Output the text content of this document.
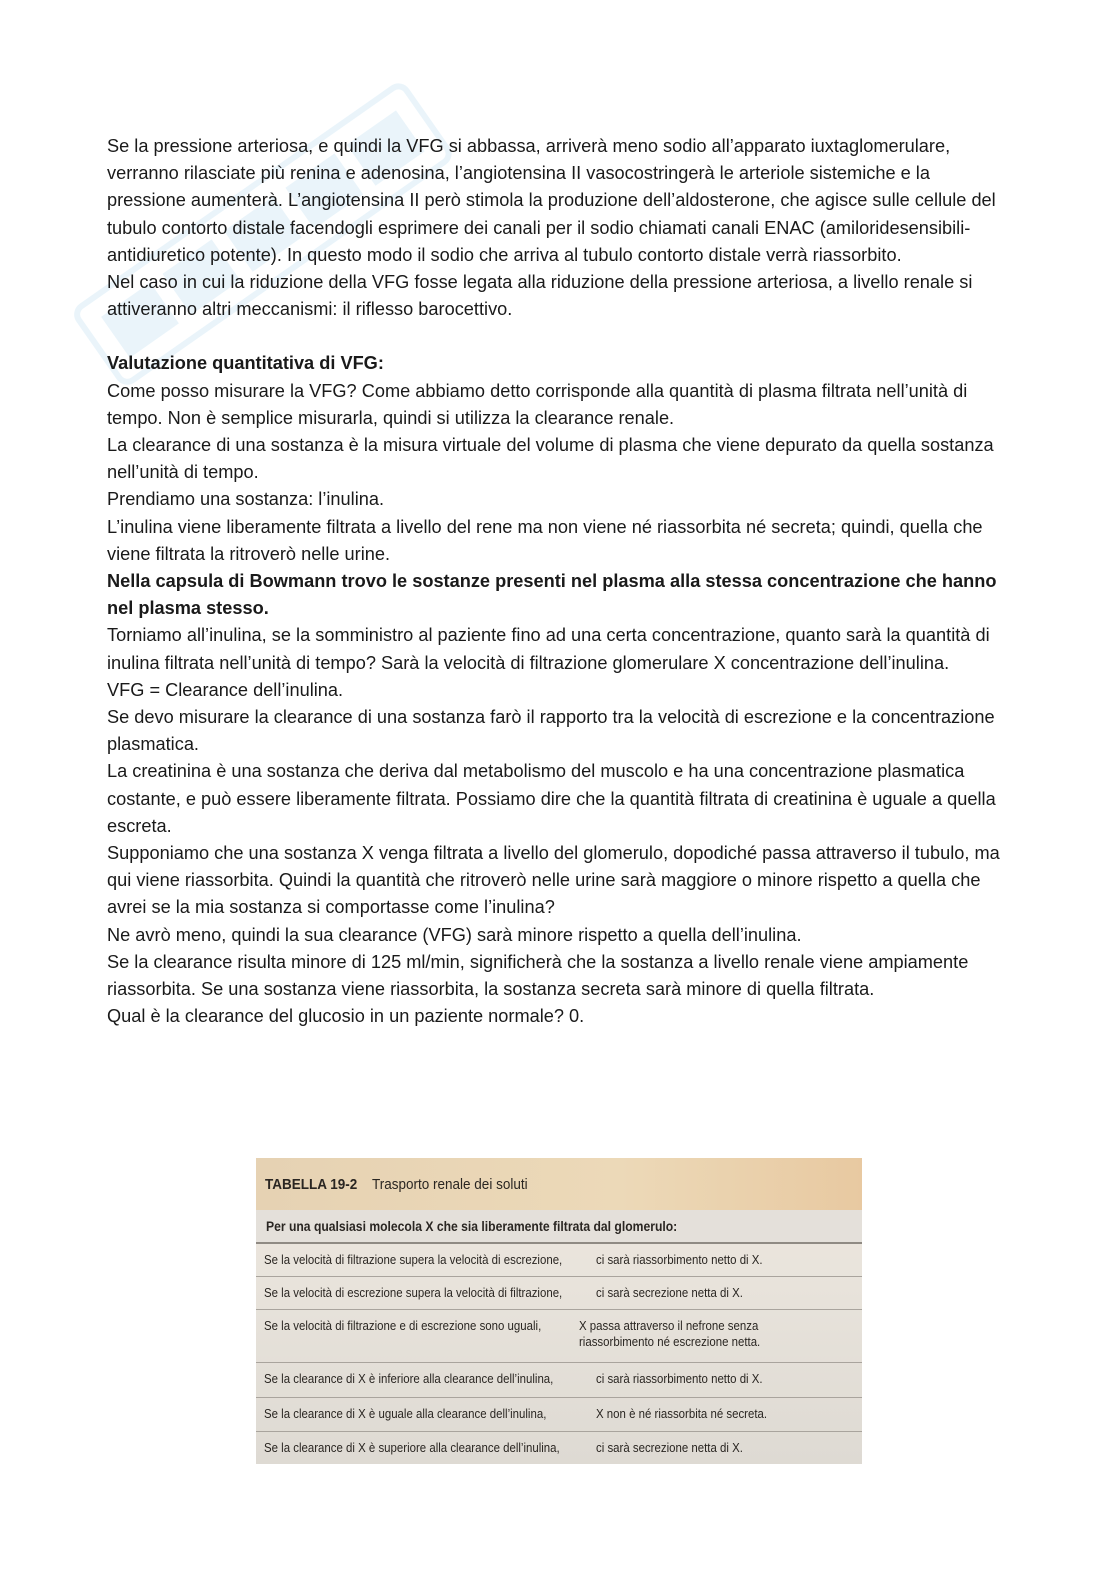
Se la pressione arteriosa, e quindi la VFG si abbassa, arriverà meno sodio all’apparato iuxtaglomerulare, verranno rilasciate più renina e adenosina, l’angiotensina II vasocostringerà le arteriole sistemiche e la pressione aumenterà. L’angiotensina II però stimola la produzione dell’aldosterone, che agisce sulle cellule del tubulo contorto distale facendogli esprimere dei canali per il sodio chiamati canali ENAC (amiloridesensibili- antidiuretico potente). In questo modo il sodio che arriva al tubulo contorto distale verrà riassorbito.

Nel caso in cui la riduzione della VFG fosse legata alla riduzione della pressione arteriosa, a livello renale si attiveranno altri meccanismi: il riflesso barocettivo.

Valutazione quantitativa di VFG:

Come posso misurare la VFG? Come abbiamo detto corrisponde alla quantità di plasma filtrata nell’unità di tempo. Non è semplice misurarla, quindi si utilizza la clearance renale.

La clearance di una sostanza è la misura virtuale del volume di plasma che viene depurato da quella sostanza nell’unità di tempo.

Prendiamo una sostanza: l’inulina.

L’inulina viene liberamente filtrata a livello del rene ma non viene né riassorbita né secreta; quindi, quella che viene filtrata la ritroverò nelle urine.

Nella capsula di Bowmann trovo le sostanze presenti nel plasma alla stessa concentrazione che hanno nel plasma stesso.

Torniamo all’inulina, se la somministro al paziente fino ad una certa concentrazione, quanto sarà la quantità di inulina filtrata nell’unità di tempo? Sarà la velocità di filtrazione glomerulare X concentrazione dell’inulina.

VFG = Clearance dell’inulina.

Se devo misurare la clearance di una sostanza farò il rapporto tra la velocità di escrezione e la concentrazione plasmatica.

La creatinina è una sostanza che deriva dal metabolismo del muscolo e ha una concentrazione plasmatica costante, e può essere liberamente filtrata. Possiamo dire che la quantità filtrata di creatinina è uguale a quella escreta.

Supponiamo che una sostanza X venga filtrata a livello del glomerulo, dopodiché passa attraverso il tubulo, ma qui viene riassorbita. Quindi la quantità che ritroverò nelle urine sarà maggiore o minore rispetto a quella che avrei se la mia sostanza si comportasse come l’inulina?

Ne avrò meno, quindi la sua clearance (VFG) sarà minore rispetto a quella dell’inulina.

Se la clearance risulta minore di 125 ml/min, significherà che la sostanza a livello renale viene ampiamente riassorbita. Se una sostanza viene riassorbita, la sostanza secreta sarà minore di quella filtrata.

Qual è la clearance del glucosio in un paziente normale? 0.

TABELLA 19-2 Trasporto renale dei soluti
Per una qualsiasi molecola X che sia liberamente filtrata dal glomerulo:
Se la velocità di filtrazione supera la velocità di escrezione,	ci sarà riassorbimento netto di X.
Se la velocità di escrezione supera la velocità di filtrazione,	ci sarà secrezione netta di X.
Se la velocità di filtrazione e di escrezione sono uguali,	X passa attraverso il nefrone senza riassorbimento né escrezione netta.
Se la clearance di X è inferiore alla clearance dell’inulina,	ci sarà riassorbimento netto di X.
Se la clearance di X è uguale alla clearance dell’inulina,	X non è né riassorbita né secreta.
Se la clearance di X è superiore alla clearance dell’inulina,	ci sarà secrezione netta di X.
